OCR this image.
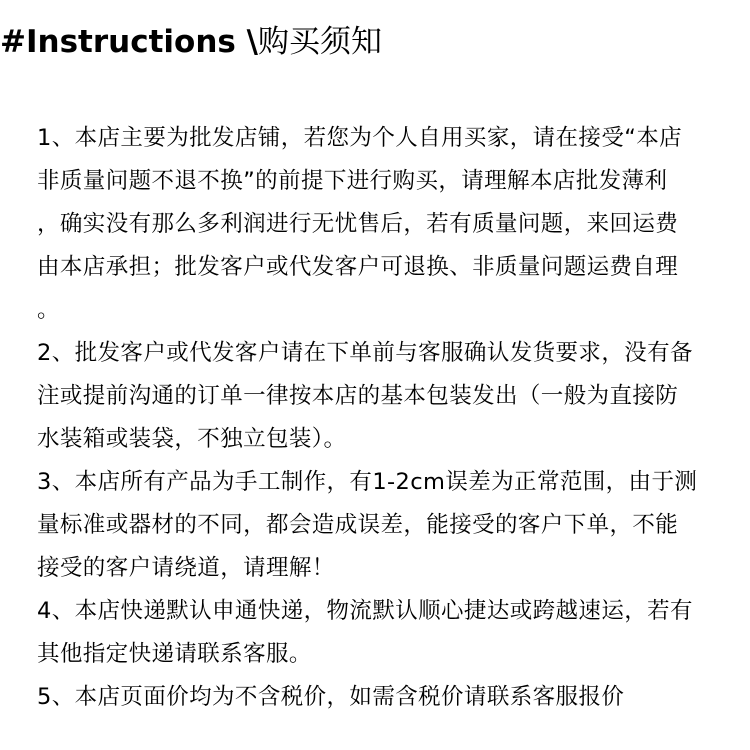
#Instructions \购买须知
1、本店主要为批发店铺，若您为个人自用买家，请在接受“本店
非质量问题不退不换”的前提下进行购买，请理解本店批发薄利
，确实没有那么多利润进行无忧售后，若有质量问题，来回运费
由本店承担；批发客户或代发客户可退换、非质量问题运费自理
。
2、批发客户或代发客户请在下单前与客服确认发货要求，没有备
注或提前沟通的订单一律按本店的基本包装发出（一般为直接防
水装箱或装袋，不独立包装）。
3、本店所有产品为手工制作，有1-2cm误差为正常范围，由于测
量标准或器材的不同，都会造成误差，能接受的客户下单，不能
接受的客户请绕道，请理解！
4、本店快递默认申通快递，物流默认顺心捷达或跨越速运，若有
其他指定快递请联系客服。
5、本店页面价均为不含税价，如需含税价请联系客服报价
